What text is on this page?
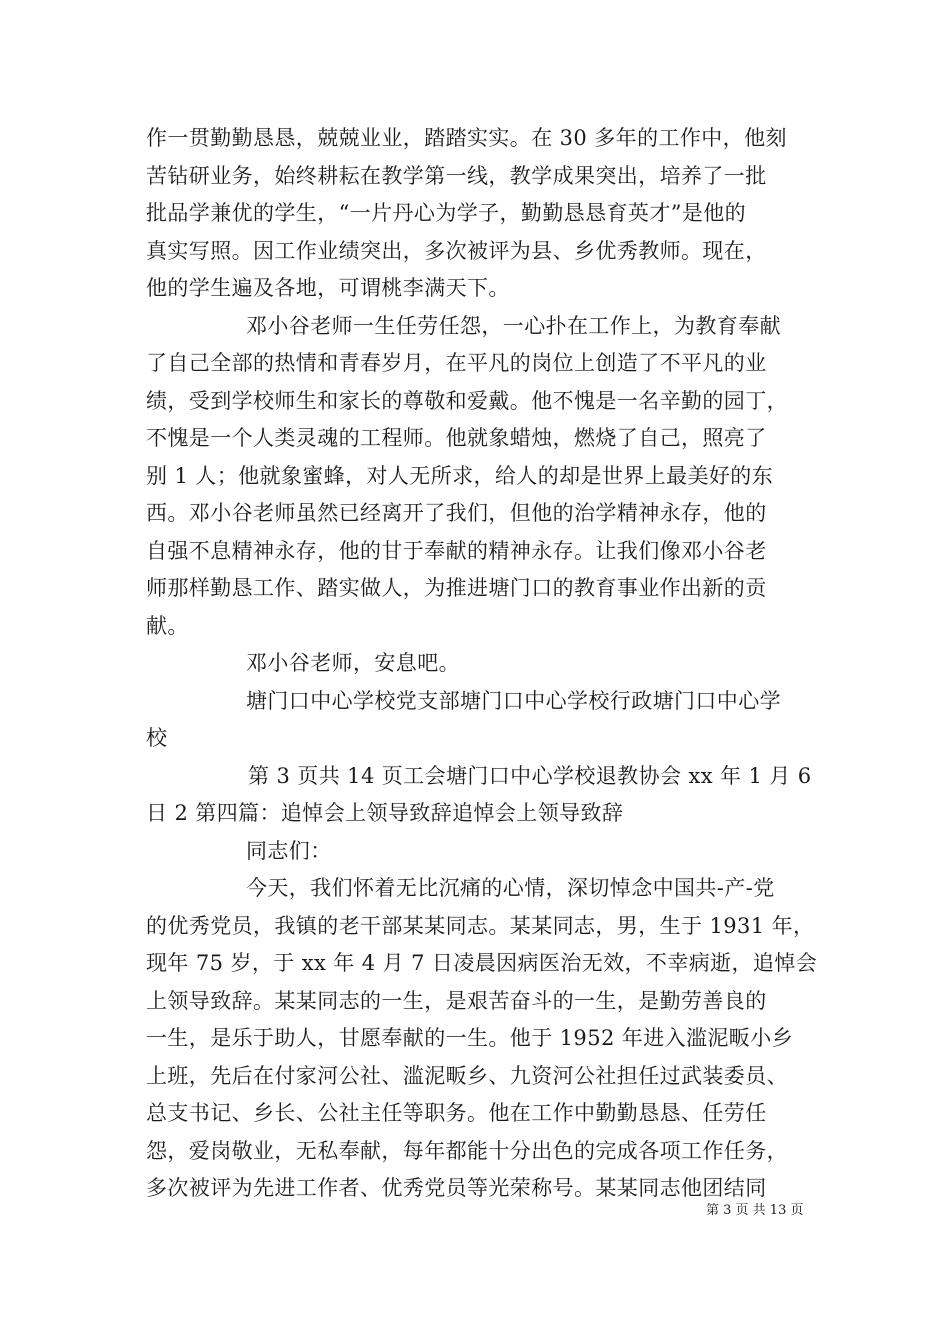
作一贯勤勤恳恳，兢兢业业，踏踏实实。在 30 多年的工作中，他刻
苦钻研业务，始终耕耘在教学第一线，教学成果突出，培养了一批
批品学兼优的学生，“一片丹心为学子，勤勤恳恳育英才”是他的
真实写照。因工作业绩突出，多次被评为县、乡优秀教师。现在，
他的学生遍及各地，可谓桃李满天下。
邓小谷老师一生任劳任怨，一心扑在工作上，为教育奉献
了自己全部的热情和青春岁月，在平凡的岗位上创造了不平凡的业
绩，受到学校师生和家长的尊敬和爱戴。他不愧是一名辛勤的园丁，
不愧是一个人类灵魂的工程师。他就象蜡烛，燃烧了自己，照亮了
别 1 人；他就象蜜蜂，对人无所求，给人的却是世界上最美好的东
西。邓小谷老师虽然已经离开了我们，但他的治学精神永存，他的
自强不息精神永存，他的甘于奉献的精神永存。让我们像邓小谷老
师那样勤恳工作、踏实做人，为推进塘门口的教育事业作出新的贡
献。
邓小谷老师，安息吧。
塘门口中心学校党支部塘门口中心学校行政塘门口中心学
校
第 3 页共 14 页工会塘门口中心学校退教协会 xx 年 1 月 6
日 2 第四篇：追悼会上领导致辞追悼会上领导致辞
同志们：
今天，我们怀着无比沉痛的心情，深切悼念中国共-产-党
的优秀党员，我镇的老干部某某同志。某某同志，男，生于 1931 年，
现年 75 岁，于 xx 年 4 月 7 日凌晨因病医治无效，不幸病逝，追悼会
上领导致辞。某某同志的一生，是艰苦奋斗的一生，是勤劳善良的
一生，是乐于助人，甘愿奉献的一生。他于 1952 年进入滥泥畈小乡
上班，先后在付家河公社、滥泥畈乡、九资河公社担任过武装委员、
总支书记、乡长、公社主任等职务。他在工作中勤勤恳恳、任劳任
怨，爱岗敬业，无私奉献，每年都能十分出色的完成各项工作任务，
多次被评为先进工作者、优秀党员等光荣称号。某某同志他团结同
第 3 页 共 13 页
